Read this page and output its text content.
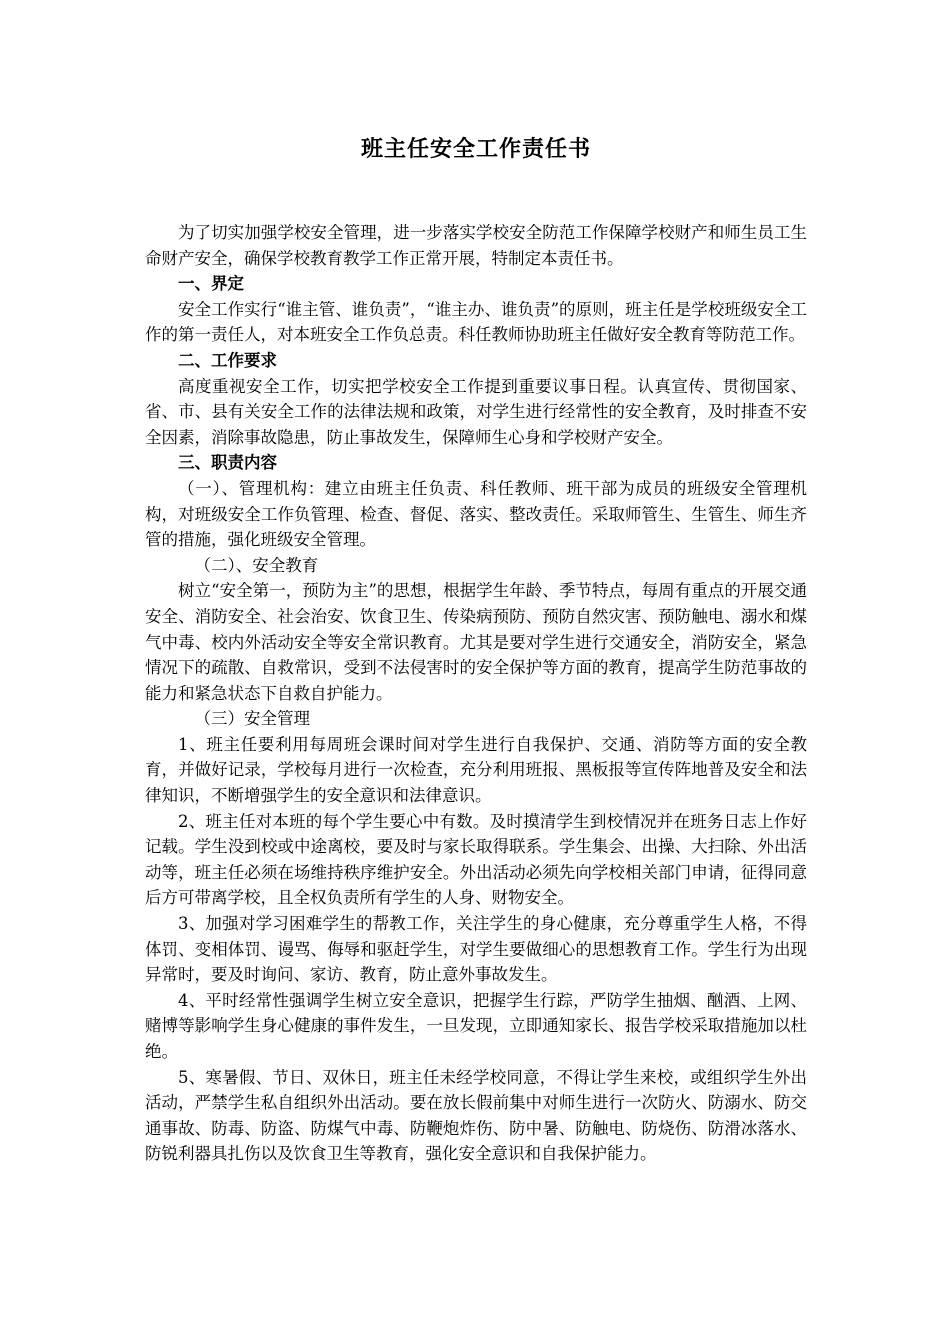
班主任安全工作责任书

为了切实加强学校安全管理，进一步落实学校安全防范工作保障学校财产和师生员工生命财产安全，确保学校教育教学工作正常开展，特制定本责任书。

一、界定

安全工作实行“谁主管、谁负责”，“谁主办、谁负责”的原则，班主任是学校班级安全工作的第一责任人，对本班安全工作负总责。科任教师协助班主任做好安全教育等防范工作。

二、工作要求

高度重视安全工作，切实把学校安全工作提到重要议事日程。认真宣传、贯彻国家、省、市、县有关安全工作的法律法规和政策，对学生进行经常性的安全教育，及时排查不安全因素，消除事故隐患，防止事故发生，保障师生心身和学校财产安全。

三、职责内容

（一）、管理机构：建立由班主任负责、科任教师、班干部为成员的班级安全管理机构，对班级安全工作负管理、检查、督促、落实、整改责任。采取师管生、生管生、师生齐管的措施，强化班级安全管理。

（二）、安全教育

树立“安全第一，预防为主”的思想，根据学生年龄、季节特点，每周有重点的开展交通安全、消防安全、社会治安、饮食卫生、传染病预防、预防自然灾害、预防触电、溺水和煤气中毒、校内外活动安全等安全常识教育。尤其是要对学生进行交通安全，消防安全，紧急情况下的疏散、自救常识，受到不法侵害时的安全保护等方面的教育，提高学生防范事故的能力和紧急状态下自救自护能力。

（三）安全管理

1、班主任要利用每周班会课时间对学生进行自我保护、交通、消防等方面的安全教育，并做好记录，学校每月进行一次检查，充分利用班报、黑板报等宣传阵地普及安全和法律知识，不断增强学生的安全意识和法律意识。

2、班主任对本班的每个学生要心中有数。及时摸清学生到校情况并在班务日志上作好记载。学生没到校或中途离校，要及时与家长取得联系。学生集会、出操、大扫除、外出活动等，班主任必须在场维持秩序维护安全。外出活动必须先向学校相关部门申请，征得同意后方可带离学校，且全权负责所有学生的人身、财物安全。

3、加强对学习困难学生的帮教工作，关注学生的身心健康，充分尊重学生人格，不得体罚、变相体罚、谩骂、侮辱和驱赶学生，对学生要做细心的思想教育工作。学生行为出现异常时，要及时询问、家访、教育，防止意外事故发生。

4、平时经常性强调学生树立安全意识，把握学生行踪，严防学生抽烟、酗酒、上网、赌博等影响学生身心健康的事件发生，一旦发现，立即通知家长、报告学校采取措施加以杜绝。

5、寒暑假、节日、双休日，班主任未经学校同意，不得让学生来校，或组织学生外出活动，严禁学生私自组织外出活动。要在放长假前集中对师生进行一次防火、防溺水、防交通事故、防毒、防盗、防煤气中毒、防鞭炮炸伤、防中暑、防触电、防烧伤、防滑冰落水、防锐利器具扎伤以及饮食卫生等教育，强化安全意识和自我保护能力。
